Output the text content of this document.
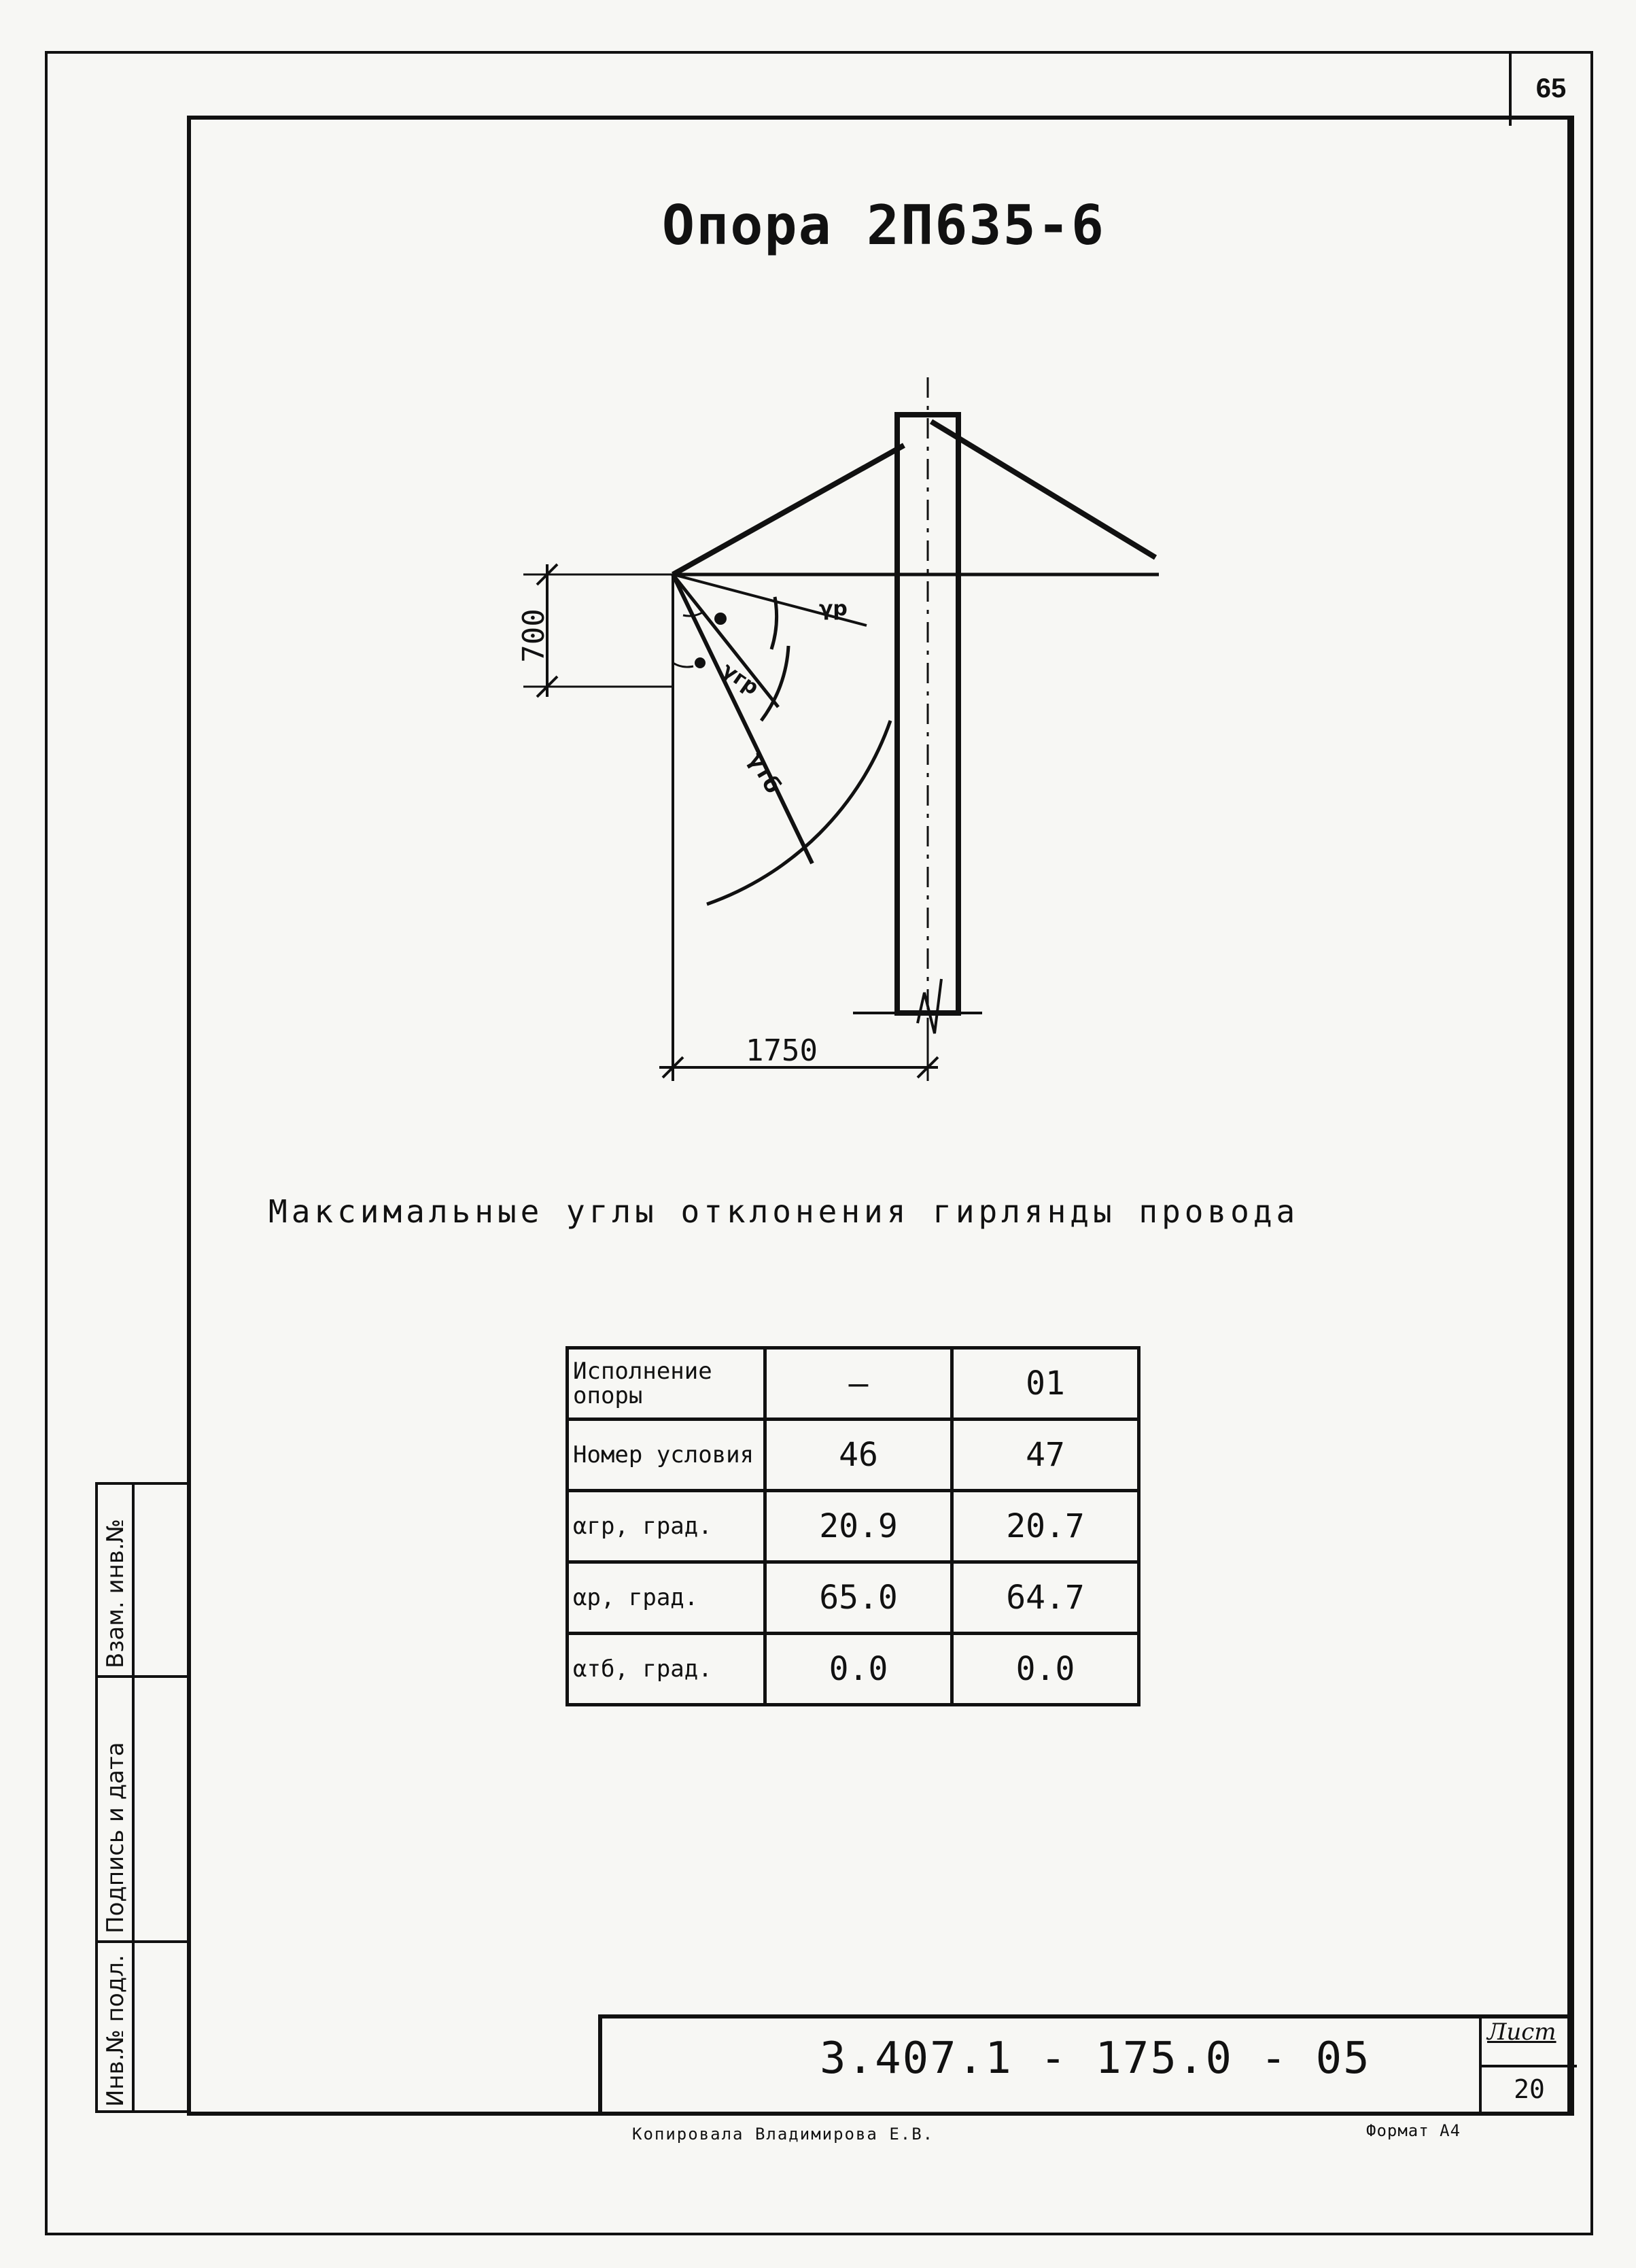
65
Опора 2П635-6
700
1750
γр
γгр
γтб
Максимальные углы отклонения гирлянды провода
Исполнение опоры	—	01
Номер условия	46	47
αгр, град.	20.9	20.7
αр, град.	65.0	64.7
αтб, град.	0.0	0.0
Инв.№ подл.
Подпись и дата
Взам. инв.№
3.407.1 - 175.0 - 05
Лист
20
Копировала Владимирова Е.В.	Формат А4
